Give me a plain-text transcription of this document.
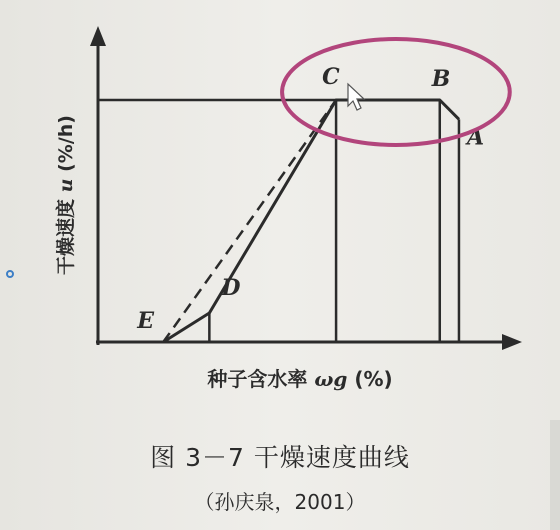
E
D
C	B
A
干燥速度 u (%/h)
种子含水率 ωg (%)
图 3－7 干燥速度曲线
（孙庆泉，2001）
